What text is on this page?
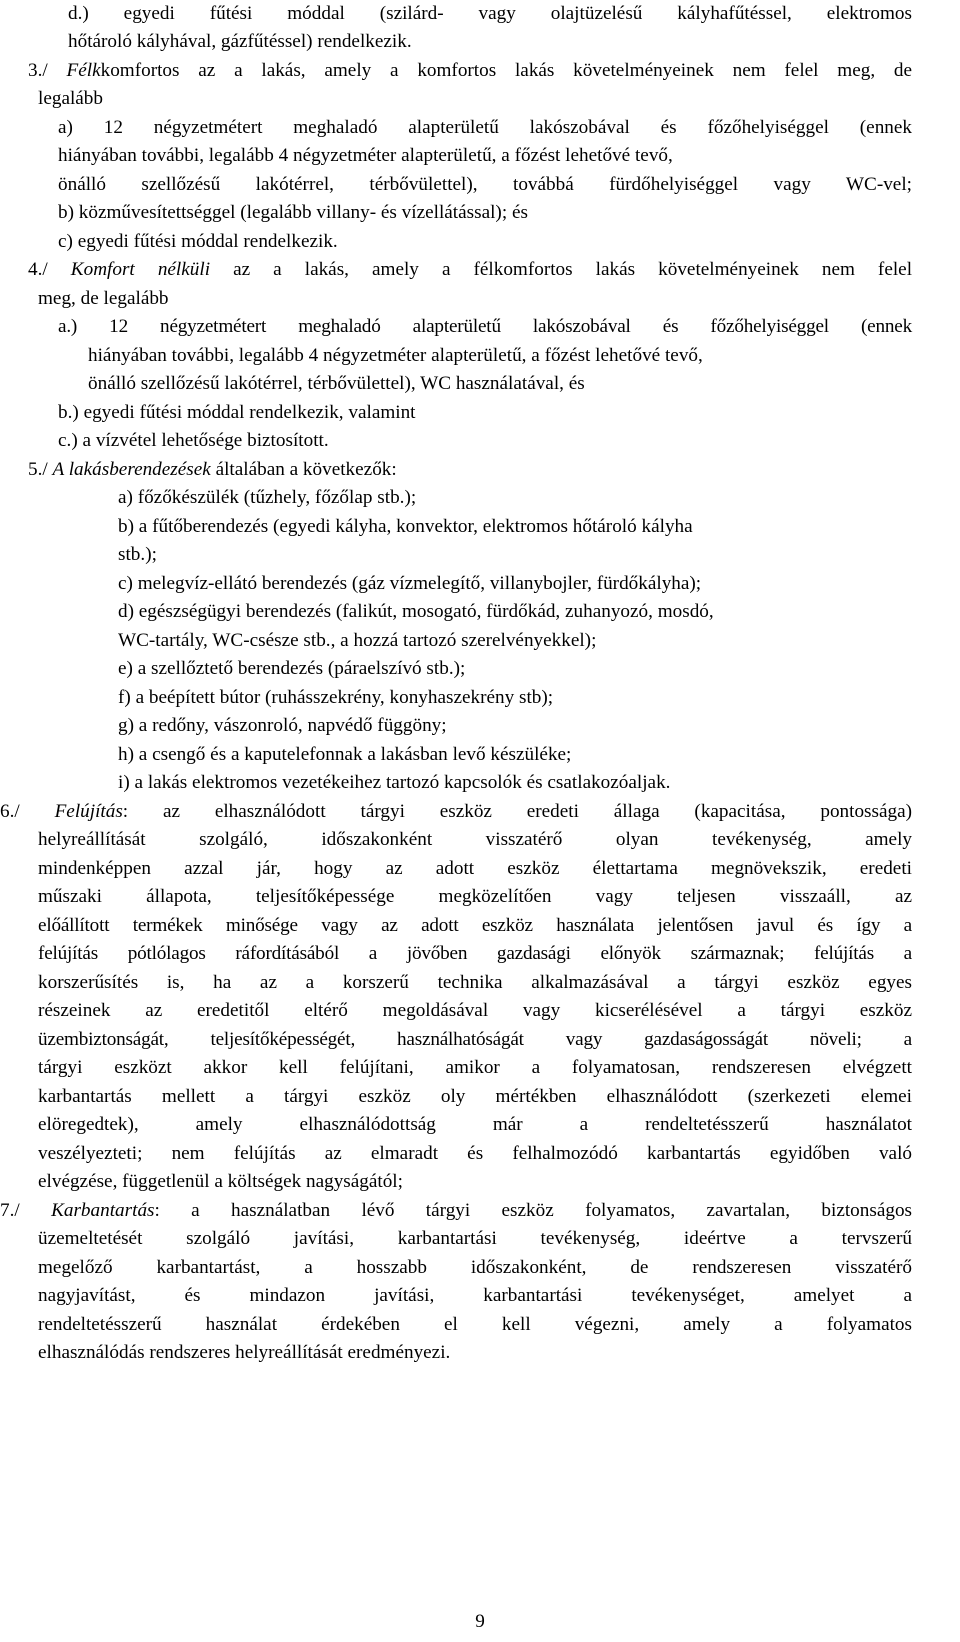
d.) egyedi fűtési móddal (szilárd- vagy olajtüzelésű kályhafűtéssel, elektromos
hőtároló kályhával, gázfűtéssel) rendelkezik.
3./ Félkkomfortos az a lakás, amely a komfortos lakás követelményeinek nem felel meg, de
legalább
a) 12 négyzetmétert meghaladó alapterületű lakószobával és főzőhelyiséggel (ennek
hiányában további, legalább 4 négyzetméter alapterületű, a főzést lehetővé tevő,
önálló szellőzésű lakótérrel, térbővülettel), továbbá fürdőhelyiséggel vagy WC-vel;
b) közművesítettséggel (legalább villany- és vízellátással); és
c) egyedi fűtési móddal rendelkezik.
4./ Komfort nélküli az a lakás, amely a félkomfortos lakás követelményeinek nem felel
meg, de legalább
a.) 12 négyzetmétert meghaladó alapterületű lakószobával és főzőhelyiséggel (ennek
hiányában további, legalább 4 négyzetméter alapterületű, a főzést lehetővé tevő,
önálló szellőzésű lakótérrel, térbővülettel), WC használatával, és
b.) egyedi fűtési móddal rendelkezik, valamint
c.) a vízvétel lehetősége biztosított.
5./ A lakásberendezések általában a következők:
a) főzőkészülék (tűzhely, főzőlap stb.);
b) a fűtőberendezés (egyedi kályha, konvektor, elektromos hőtároló kályha
stb.);
c) melegvíz-ellátó berendezés (gáz vízmelegítő, villanybojler, fürdőkályha);
d) egészségügyi berendezés (falikút, mosogató, fürdőkád, zuhanyozó, mosdó,
WC-tartály, WC-csésze stb., a hozzá tartozó szerelvényekkel);
e) a szellőztető berendezés (páraelszívó stb.);
f) a beépített bútor (ruhásszekrény, konyhaszekrény stb);
g) a redőny, vászonroló, napvédő függöny;
h) a csengő és a kaputelefonnak a lakásban levő készüléke;
i) a lakás elektromos vezetékeihez tartozó kapcsolók és csatlakozóaljak.
6./ Felújítás: az elhasználódott tárgyi eszköz eredeti állaga (kapacitása, pontossága)
helyreállítását szolgáló, időszakonként visszatérő olyan tevékenység, amely
mindenképpen azzal jár, hogy az adott eszköz élettartama megnövekszik, eredeti
műszaki állapota, teljesítőképessége megközelítően vagy teljesen visszaáll, az
előállított termékek minősége vagy az adott eszköz használata jelentősen javul és így a
felújítás pótlólagos ráfordításából a jövőben gazdasági előnyök származnak; felújítás a
korszerűsítés is, ha az a korszerű technika alkalmazásával a tárgyi eszköz egyes
részeinek az eredetitől eltérő megoldásával vagy kicserélésével a tárgyi eszköz
üzembiztonságát, teljesítőképességét, használhatóságát vagy gazdaságosságát növeli; a
tárgyi eszközt akkor kell felújítani, amikor a folyamatosan, rendszeresen elvégzett
karbantartás mellett a tárgyi eszköz oly mértékben elhasználódott (szerkezeti elemei
elöregedtek), amely elhasználódottság már a rendeltetésszerű használatot
veszélyezteti; nem felújítás az elmaradt és felhalmozódó karbantartás egyidőben való
elvégzése, függetlenül a költségek nagyságától;
7./ Karbantartás: a használatban lévő tárgyi eszköz folyamatos, zavartalan, biztonságos
üzemeltetését szolgáló javítási, karbantartási tevékenység, ideértve a tervszerű
megelőző karbantartást, a hosszabb időszakonként, de rendszeresen visszatérő
nagyjavítást, és mindazon javítási, karbantartási tevékenységet, amelyet a
rendeltetésszerű használat érdekében el kell végezni, amely a folyamatos
elhasználódás rendszeres helyreállítását eredményezi.
9
